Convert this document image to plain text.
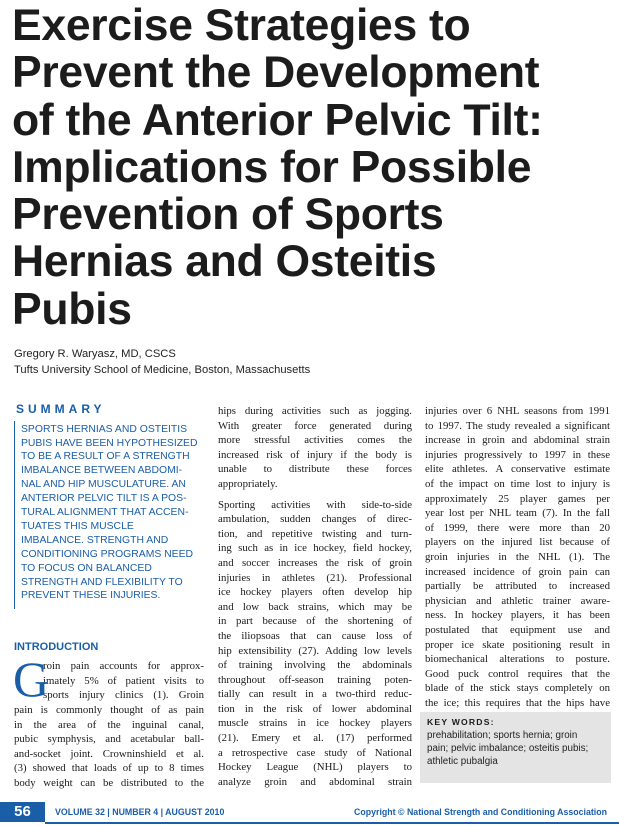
Exercise Strategies to
Prevent the Development
of the Anterior Pelvic Tilt:
Implications for Possible
Prevention of Sports
Hernias and Osteitis
Pubis
Gregory R. Waryasz, MD, CSCS
Tufts University School of Medicine, Boston, Massachusetts
SUMMARY
SPORTS HERNIAS AND OSTEITIS
PUBIS HAVE BEEN HYPOTHESIZED
TO BE A RESULT OF A STRENGTH
IMBALANCE BETWEEN ABDOMI-
NAL AND HIP MUSCULATURE. AN
ANTERIOR PELVIC TILT IS A POS-
TURAL ALIGNMENT THAT ACCEN-
TUATES THIS MUSCLE
IMBALANCE. STRENGTH AND
CONDITIONING PROGRAMS NEED
TO FOCUS ON BALANCED
STRENGTH AND FLEXIBILITY TO
PREVENT THESE INJURIES.
INTRODUCTION
G
roin pain accounts for approx-
imately 5% of patient visits to
sports injury clinics (1). Groin
pain is commonly thought of as pain
in the area of the inguinal canal,
pubic symphysis, and acetabular ball-
and-socket joint. Crowninshield et al.
(3) showed that loads of up to 8 times
body weight can be distributed to the
hips during activities such as jogging.
With greater force generated during
more stressful activities comes the
increased risk of injury if the body is
unable to distribute these forces
appropriately.
Sporting activities with side-to-side
ambulation, sudden changes of direc-
tion, and repetitive twisting and turn-
ing such as in ice hockey, field hockey,
and soccer increases the risk of groin
injuries in athletes (21). Professional
ice hockey players often develop hip
and low back strains, which may be
in part because of the shortening of
the iliopsoas that can cause loss of
hip extensibility (27). Adding low levels
of training involving the abdominals
throughout off-season training poten-
tially can result in a two-third reduc-
tion in the risk of lower abdominal
muscle strains in ice hockey players
(21). Emery et al. (17) performed
a retrospective case study of National
Hockey League (NHL) players to
analyze groin and abdominal strain
injuries over 6 NHL seasons from 1991
to 1997. The study revealed a significant
increase in groin and abdominal strain
injuries progressively to 1997 in these
elite athletes. A conservative estimate
of the impact on time lost to injury is
approximately 25 player games per
year lost per NHL team (7). In the fall
of 1999, there were more than 20
players on the injured list because of
groin injuries in the NHL (1). The
increased incidence of groin pain can
partially be attributed to increased
physician and athletic trainer aware-
ness. In hockey players, it has been
postulated that equipment use and
proper ice skate positioning result in
biomechanical alterations to posture.
Good puck control requires that the
blade of the stick stays completely on
the ice; this requires that the hips have
KEY WORDS:
prehabilitation; sports hernia; groin
pain; pelvic imbalance; osteitis pubis;
athletic pubalgia
56	VOLUME 32 | NUMBER 4 | AUGUST 2010	Copyright © National Strength and Conditioning Association
